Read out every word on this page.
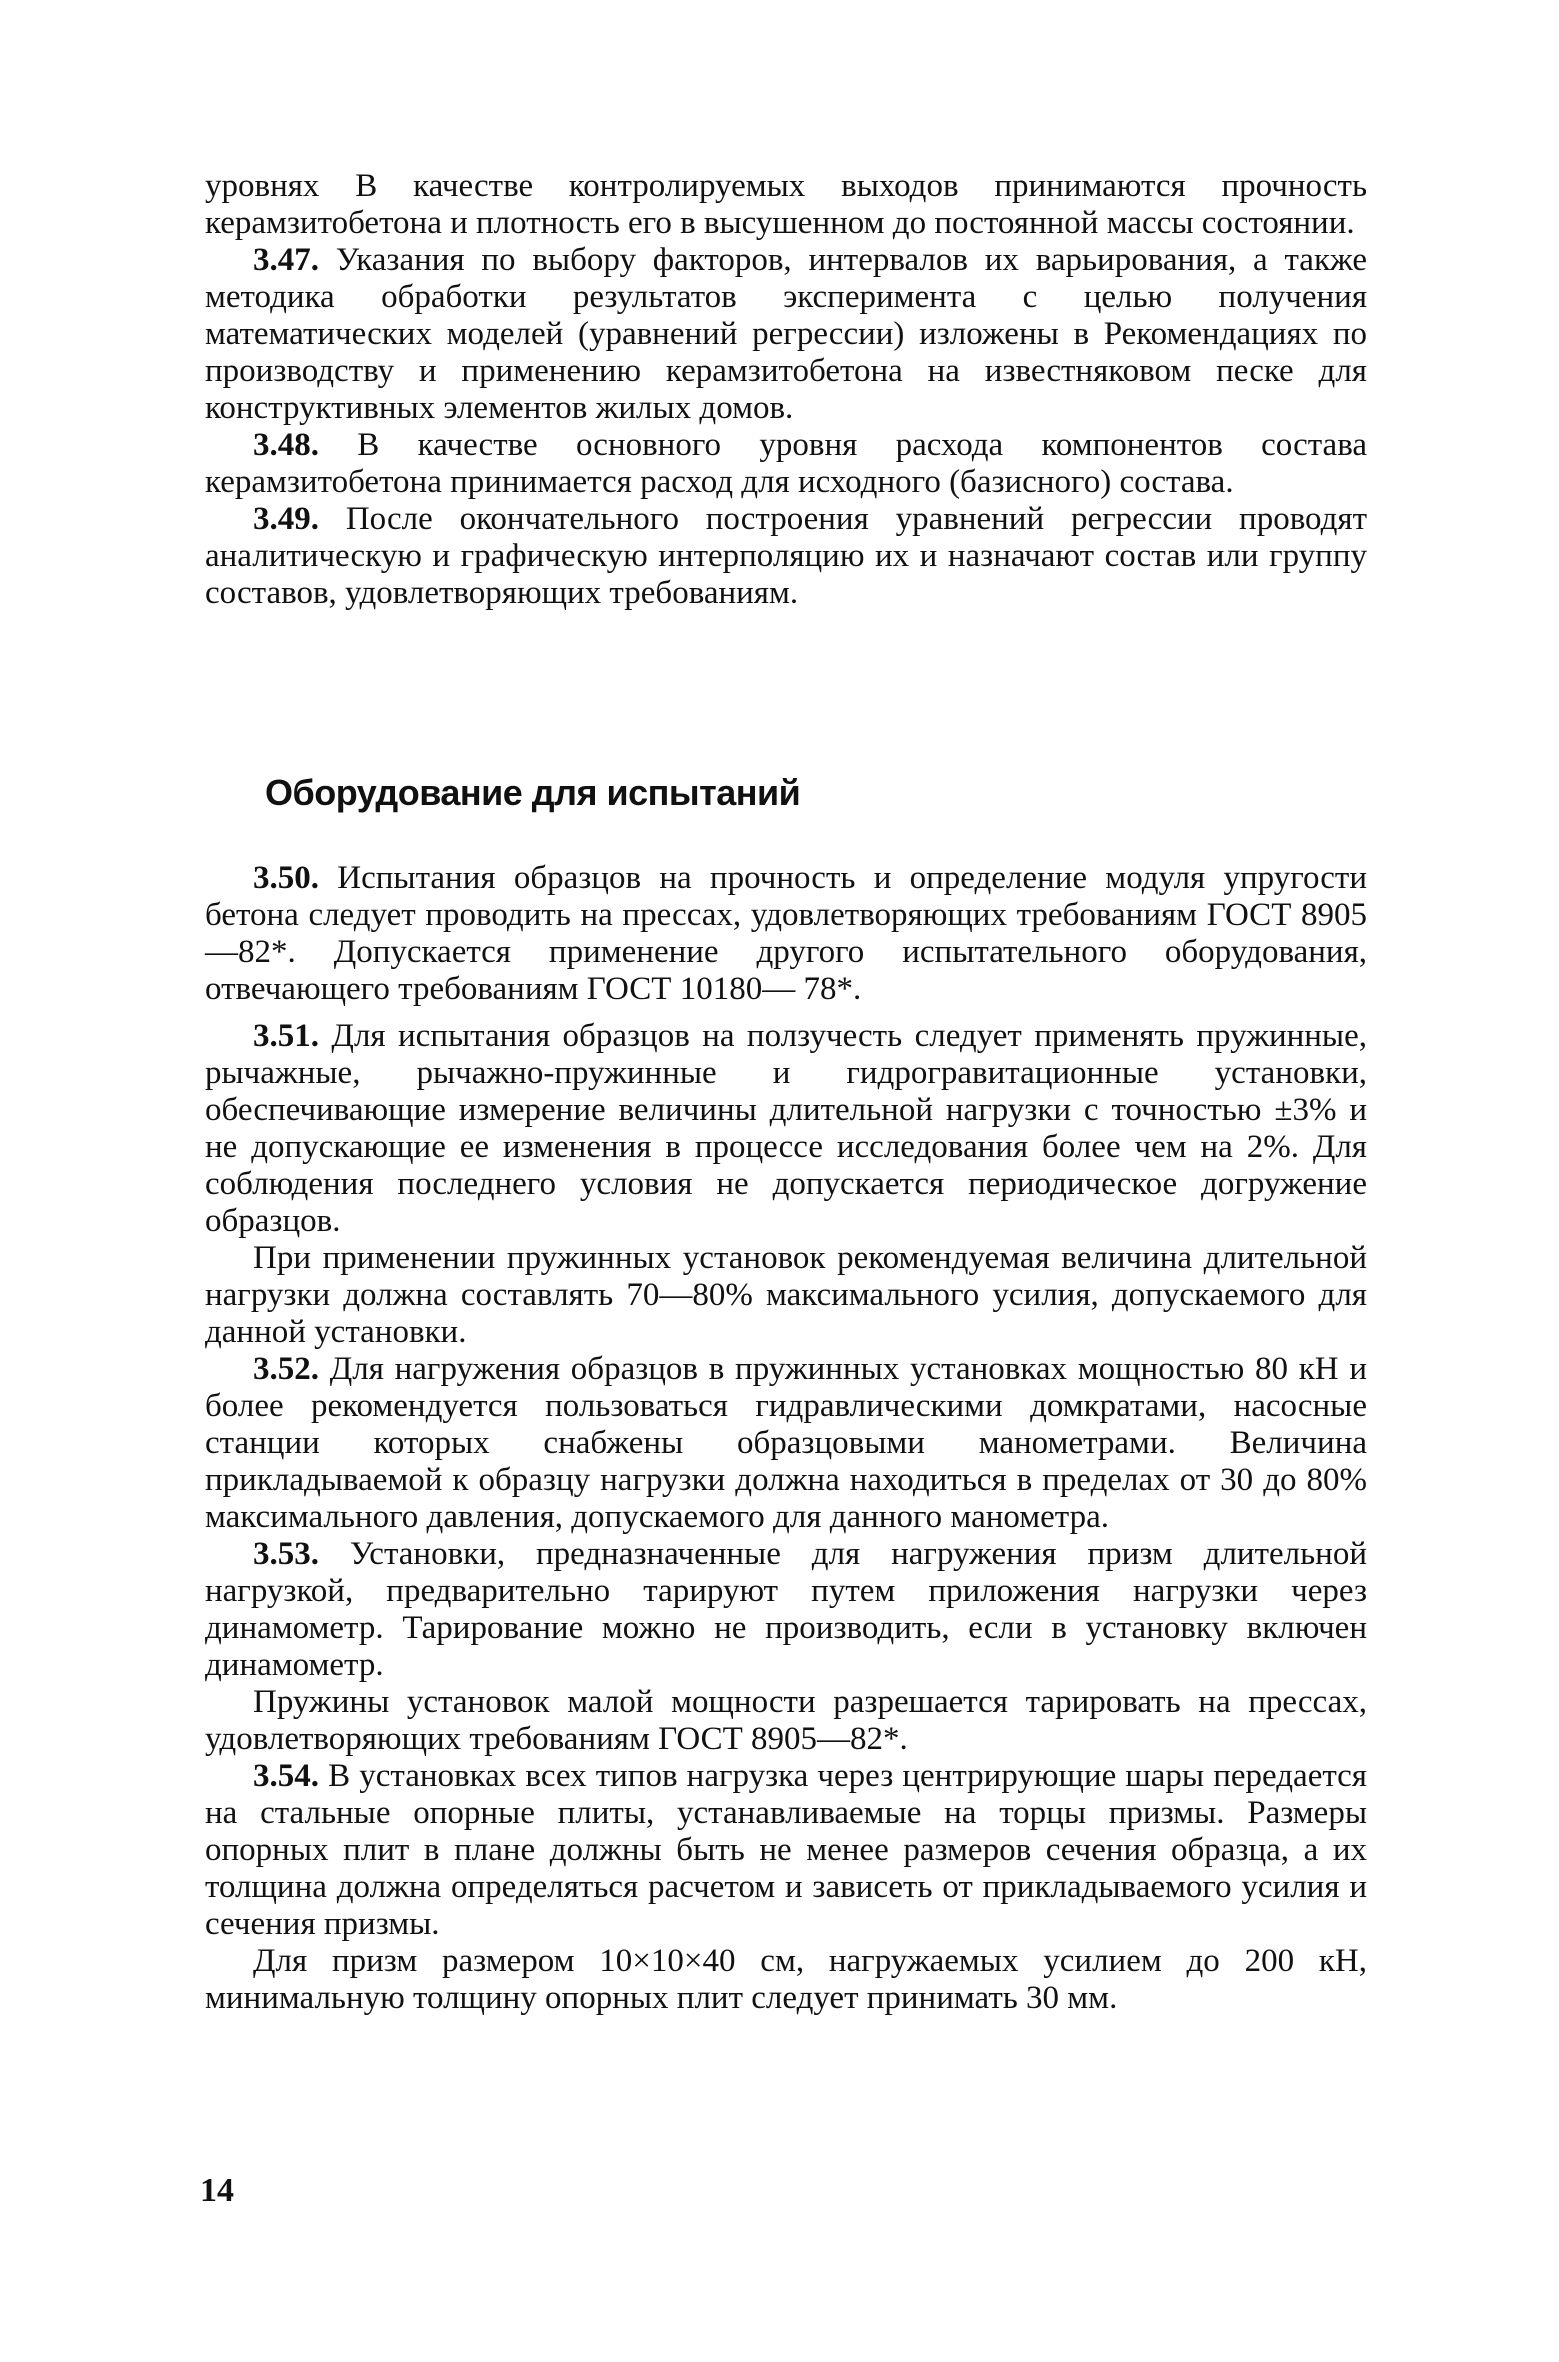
уровнях В качестве контролируемых выходов принимаются прочность керамзитобетона и плотность его в высушенном до постоянной массы состоянии.

3.47. Указания по выбору факторов, интервалов их варьирования, а также методика обработки результатов эксперимента с целью получения математических моделей (уравнений регрессии) изложены в Рекомендациях по производству и применению керамзитобетона на известняковом песке для конструктивных элементов жилых домов.

3.48. В качестве основного уровня расхода компонентов состава керамзитобетона принимается расход для исходного (базисного) состава.

3.49. После окончательного построения уравнений регрессии проводят аналитическую и графическую интерполяцию их и назначают состав или группу составов, удовлетворяющих требованиям.

Оборудование для испытаний

3.50. Испытания образцов на прочность и определение модуля упругости бетона следует проводить на прессах, удовлетворяющих требованиям ГОСТ 8905—82*. Допускается применение другого испытательного оборудования, отвечающего требованиям ГОСТ 10180— 78*.

3.51. Для испытания образцов на ползучесть следует применять пружинные, рычажные, рычажно-пружинные и гидрогравитационные установки, обеспечивающие измерение величины длительной нагрузки с точностью ±3% и не допускающие ее изменения в процессе исследования более чем на 2%. Для соблюдения последнего условия не допускается периодическое догружение образцов.

При применении пружинных установок рекомендуемая величина длительной нагрузки должна составлять 70—80% максимального усилия, допускаемого для данной установки.

3.52. Для нагружения образцов в пружинных установках мощностью 80 кН и более рекомендуется пользоваться гидравлическими домкратами, насосные станции которых снабжены образцовыми манометрами. Величина прикладываемой к образцу нагрузки должна находиться в пределах от 30 до 80% максимального давления, допускаемого для данного манометра.

3.53. Установки, предназначенные для нагружения призм длительной нагрузкой, предварительно тарируют путем приложения нагрузки через динамометр. Тарирование можно не производить, если в установку включен динамометр.

Пружины установок малой мощности разрешается тарировать на прессах, удовлетворяющих требованиям ГОСТ 8905—82*.

3.54. В установках всех типов нагрузка через центрирующие шары передается на стальные опорные плиты, устанавливаемые на торцы призмы. Размеры опорных плит в плане должны быть не менее размеров сечения образца, а их толщина должна определяться расчетом и зависеть от прикладываемого усилия и сечения призмы.

Для призм размером 10×10×40 см, нагружаемых усилием до 200 кН, минимальную толщину опорных плит следует принимать 30 мм.

14
